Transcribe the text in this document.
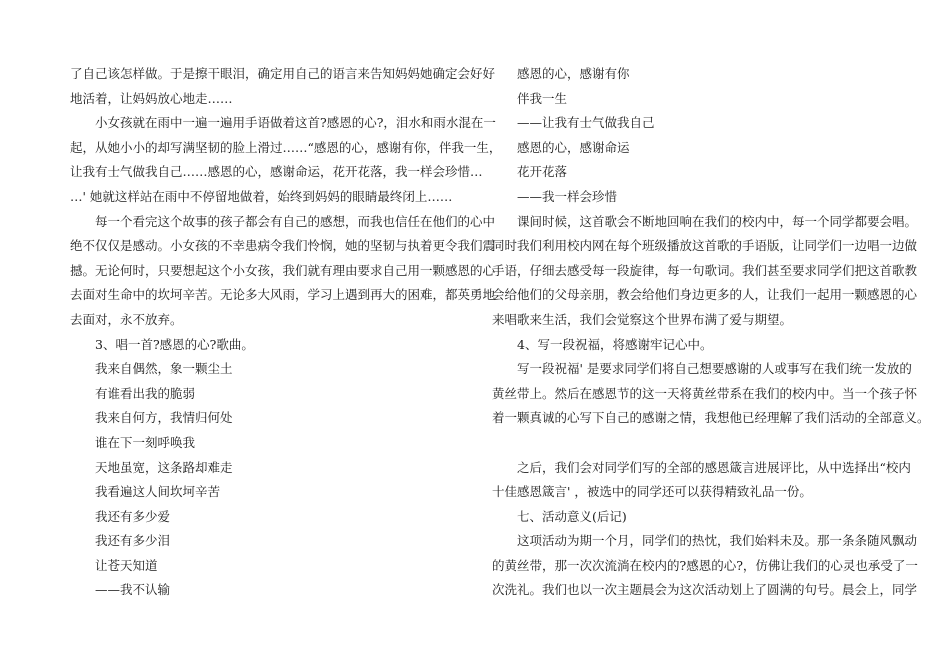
了自己该怎样做。于是擦干眼泪，确定用自己的语言来告知妈妈她确定会好好
地活着，让妈妈放心地走……
小女孩就在雨中一遍一遍用手语做着这首?感恩的心?，泪水和雨水混在一
起，从她小小的却写满坚韧的脸上滑过……“感恩的心，感谢有你，伴我一生，
让我有士气做我自己……感恩的心，感谢命运，花开花落，我一样会珍惜…
…' 她就这样站在雨中不停留地做着，始终到妈妈的眼睛最终闭上……
每一个看完这个故事的孩子都会有自己的感想，而我也信任在他们的心中
绝不仅仅是感动。小女孩的不幸患病令我们怜悯，她的坚韧与执着更令我们震
撼。无论何时，只要想起这个小女孩，我们就有理由要求自己用一颗感恩的心
去面对生命中的坎坷辛苦。无论多大风雨，学习上遇到再大的困难，都英勇地
去面对，永不放弃。
3、唱一首?感恩的心?歌曲。
我来自偶然，象一颗尘土
有谁看出我的脆弱
我来自何方，我情归何处
谁在下一刻呼唤我
天地虽宽，这条路却难走
我看遍这人间坎坷辛苦
我还有多少爱
我还有多少泪
让苍天知道
——我不认输
感恩的心，感谢有你
伴我一生
——让我有士气做我自己
感恩的心，感谢命运
花开花落
——我一样会珍惜
课间时候，这首歌会不断地回响在我们的校内中，每一个同学都要会唱。
同时我们利用校内网在每个班级播放这首歌的手语版，让同学们一边唱一边做
手语，仔细去感受每一段旋律，每一句歌词。我们甚至要求同学们把这首歌教
会给他们的父母亲朋，教会给他们身边更多的人，让我们一起用一颗感恩的心
来唱歌来生活，我们会觉察这个世界布满了爱与期望。
4、写一段祝福，将感谢牢记心中。
写一段祝福' 是要求同学们将自己想要感谢的人或事写在我们统一发放的
黄丝带上。然后在感恩节的这一天将黄丝带系在我们的校内中。当一个孩子怀
着一颗真诚的心写下自己的感谢之情，我想他已经理解了我们活动的全部意义。
之后，我们会对同学们写的全部的感恩箴言进展评比，从中选择出“校内
十佳感恩箴言' ，被选中的同学还可以获得精致礼品一份。
七、活动意义(后记)
这项活动为期一个月，同学们的热忱，我们始料未及。那一条条随风飘动
的黄丝带，那一次次流淌在校内的?感恩的心?，仿佛让我们的心灵也承受了一
次洗礼。我们也以一次主题晨会为这次活动划上了圆满的句号。晨会上，同学
